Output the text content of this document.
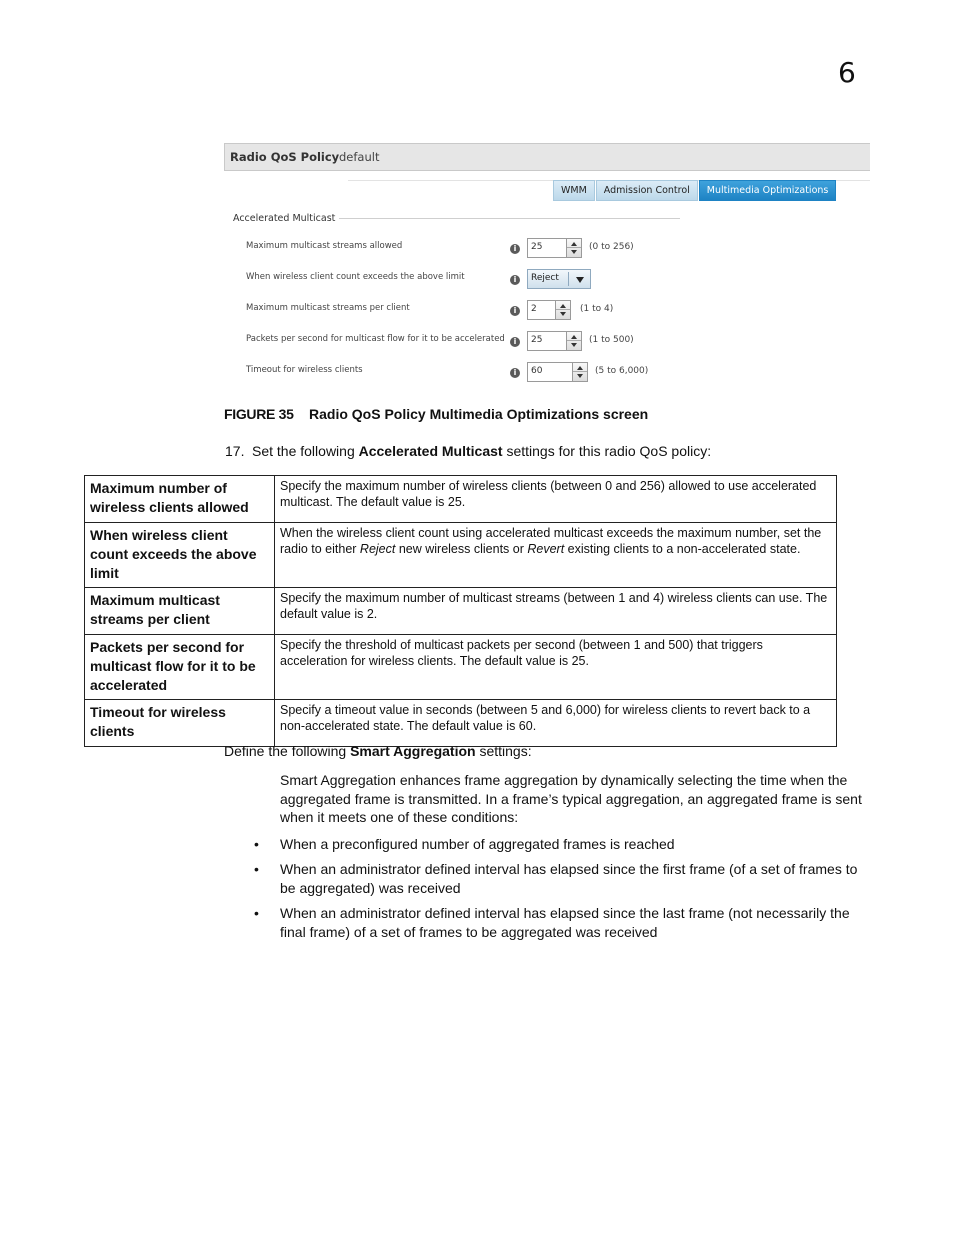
6
Radio QoS Policy default
WMM	Admission Control	Multimedia Optimizations
Accelerated Multicast
Maximum multicast streams allowed	i	25	(0 to 256)
When wireless client count exceeds the above limit	i	Reject
Maximum multicast streams per client	i	2	(1 to 4)
Packets per second for multicast flow for it to be accelerated	i	25	(1 to 500)
Timeout for wireless clients	i	60	(5 to 6,000)
FIGURE 35 Radio QoS Policy Multimedia Optimizations screen
17. Set the following Accelerated Multicast settings for this radio QoS policy:
Maximum number of wireless clients allowed	Specify the maximum number of wireless clients (between 0 and 256) allowed to use accelerated multicast. The default value is 25.
When wireless client count exceeds the above limit	When the wireless client count using accelerated multicast exceeds the maximum number, set the radio to either Reject new wireless clients or Revert existing clients to a non-accelerated state.
Maximum multicast streams per client	Specify the maximum number of multicast streams (between 1 and 4) wireless clients can use. The default value is 2.
Packets per second for multicast flow for it to be accelerated	Specify the threshold of multicast packets per second (between 1 and 500) that triggers acceleration for wireless clients. The default value is 25.
Timeout for wireless clients	Specify a timeout value in seconds (between 5 and 6,000) for wireless clients to revert back to a non-accelerated state. The default value is 60.
Define the following Smart Aggregation settings:

Smart Aggregation enhances frame aggregation by dynamically selecting the time when the aggregated frame is transmitted. In a frame’s typical aggregation, an aggregated frame is sent when it meets one of these conditions:

• When a preconfigured number of aggregated frames is reached
• When an administrator defined interval has elapsed since the first frame (of a set of frames to be aggregated) was received
• When an administrator defined interval has elapsed since the last frame (not necessarily the final frame) of a set of frames to be aggregated was received
